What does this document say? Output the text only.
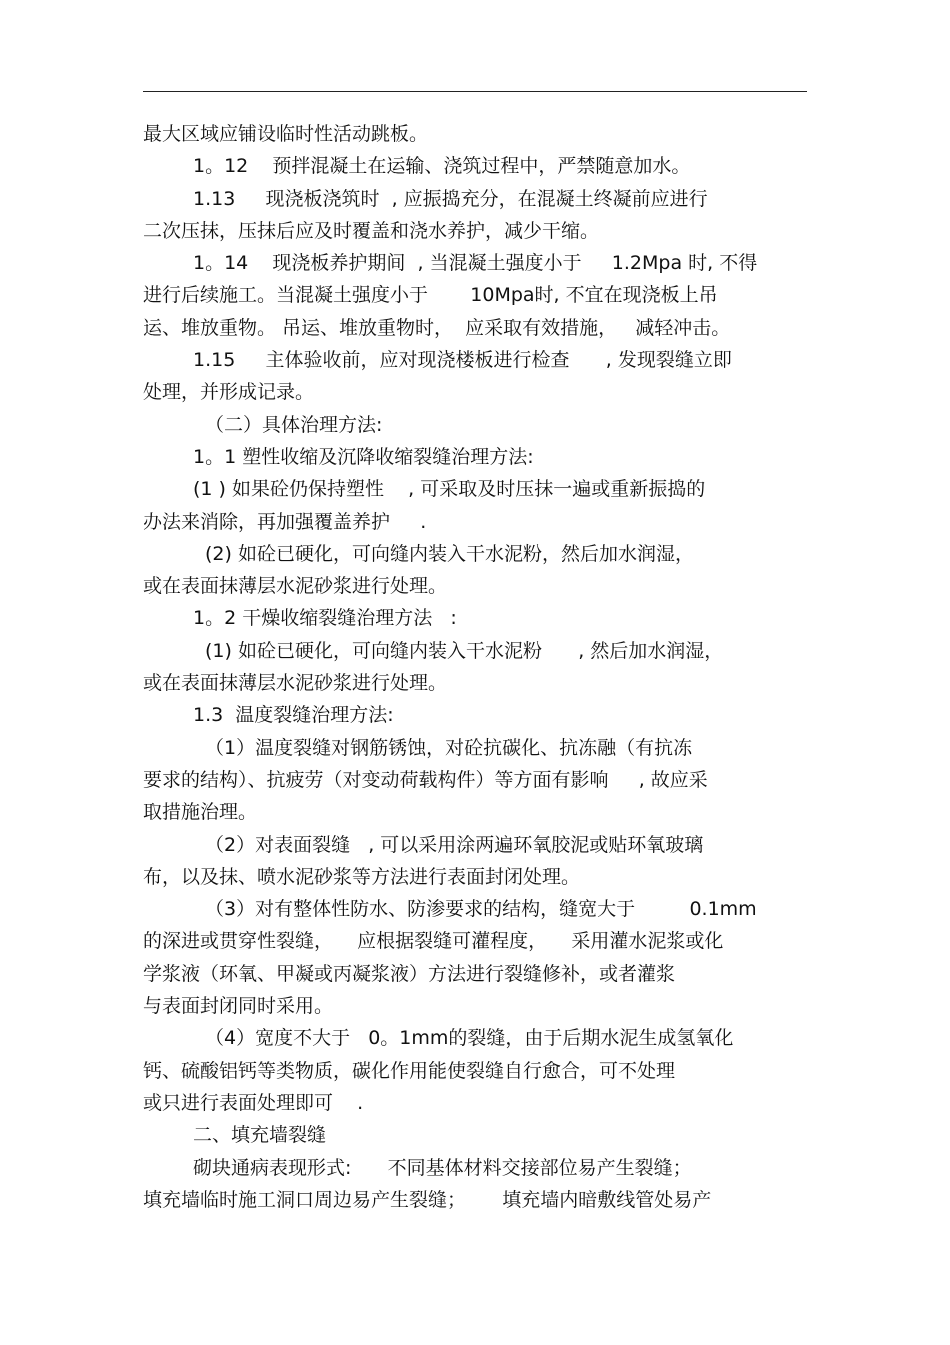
最大区域应铺设临时性活动跳板。
1。12    预拌混凝土在运输、浇筑过程中，严禁随意加水。
1.13     现浇板浇筑时  , 应振捣充分，在混凝土终凝前应进行
二次压抹，压抹后应及时覆盖和浇水养护，减少干缩。
1。14    现浇板养护期间  , 当混凝土强度小于     1.2Mpa 时, 不得
进行后续施工。当混凝土强度小于       10Mpa时, 不宜在现浇板上吊
运、堆放重物。 吊运、堆放重物时，  应采取有效措施，   减轻冲击。
1.15     主体验收前，应对现浇楼板进行检查      , 发现裂缝立即
处理，并形成记录。
（二）具体治理方法:
1。1 塑性收缩及沉降收缩裂缝治理方法:
(1 ) 如果砼仍保持塑性    , 可采取及时压抹一遍或重新振捣的
办法来消除，再加强覆盖养护     .
(2) 如砼已硬化，可向缝内装入干水泥粉，然后加水润湿，
或在表面抹薄层水泥砂浆进行处理。
1。2 干燥收缩裂缝治理方法   :
(1) 如砼已硬化，可向缝内装入干水泥粉      , 然后加水润湿，
或在表面抹薄层水泥砂浆进行处理。
1.3  温度裂缝治理方法:
（1）温度裂缝对钢筋锈蚀，对砼抗碳化、抗冻融（有抗冻
要求的结构）、抗疲劳（对变动荷载构件）等方面有影响     , 故应采
取措施治理。
（2）对表面裂缝   , 可以采用涂两遍环氧胶泥或贴环氧玻璃
布，以及抹、喷水泥砂浆等方法进行表面封闭处理。
（3）对有整体性防水、防渗要求的结构，缝宽大于         0.1mm
的深进或贯穿性裂缝，    应根据裂缝可灌程度，    采用灌水泥浆或化
学浆液（环氧、甲凝或丙凝浆液）方法进行裂缝修补，或者灌浆
与表面封闭同时采用。
（4）宽度不大于   0。1mm的裂缝，由于后期水泥生成氢氧化
钙、硫酸铝钙等类物质，碳化作用能使裂缝自行愈合，可不处理
或只进行表面处理即可    .
二、填充墙裂缝
砌块通病表现形式:      不同基体材料交接部位易产生裂缝；
填充墙临时施工洞口周边易产生裂缝；      填充墙内暗敷线管处易产
